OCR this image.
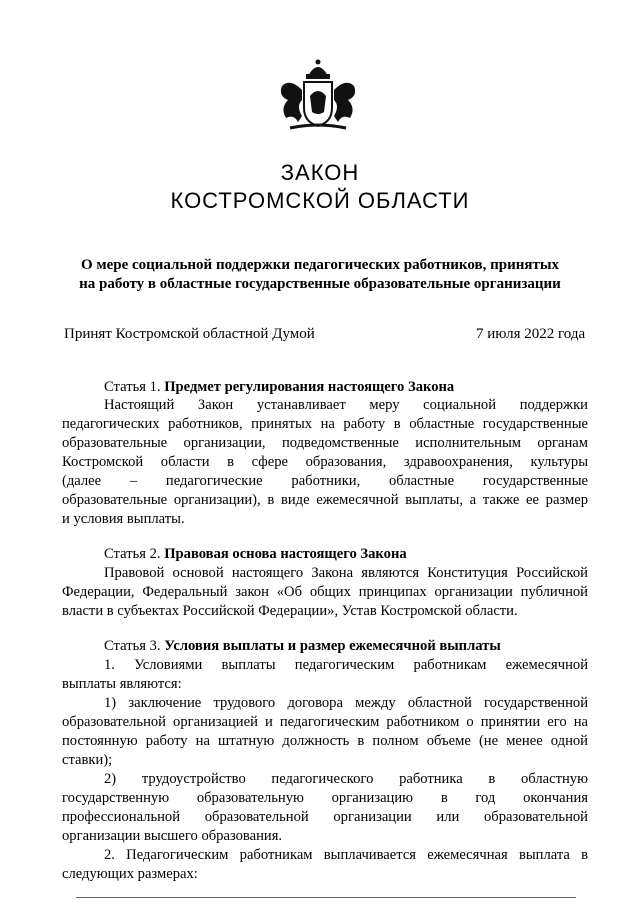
ЗАКОН
КОСТРОМСКОЙ ОБЛАСТИ
О мере социальной поддержки педагогических работников, принятых
на работу в областные государственные образовательные организации
Принят Костромской областной Думой	7 июля 2022 года
Статья 1. Предмет регулирования настоящего Закона
Настоящий Закон устанавливает меру социальной поддержки
педагогических работников, принятых на работу в областные государственные
образовательные организации, подведомственные исполнительным органам
Костромской области в сфере образования, здравоохранения, культуры
(далее – педагогические работники, областные государственные
образовательные организации), в виде ежемесячной выплаты, а также ее размер
и условия выплаты.
Статья 2. Правовая основа настоящего Закона
Правовой основой настоящего Закона являются Конституция Российской
Федерации, Федеральный закон «Об общих принципах организации публичной
власти в субъектах Российской Федерации», Устав Костромской области.
Статья 3. Условия выплаты и размер ежемесячной выплаты
1. Условиями выплаты педагогическим работникам ежемесячной
выплаты являются:
1) заключение трудового договора между областной государственной
образовательной организацией и педагогическим работником о принятии его на
постоянную работу на штатную должность в полном объеме (не менее одной
ставки);
2) трудоустройство педагогического работника в областную
государственную образовательную организацию в год окончания
профессиональной образовательной организации или образовательной
организации высшего образования.
2. Педагогическим работникам выплачивается ежемесячная выплата в
следующих размерах:
